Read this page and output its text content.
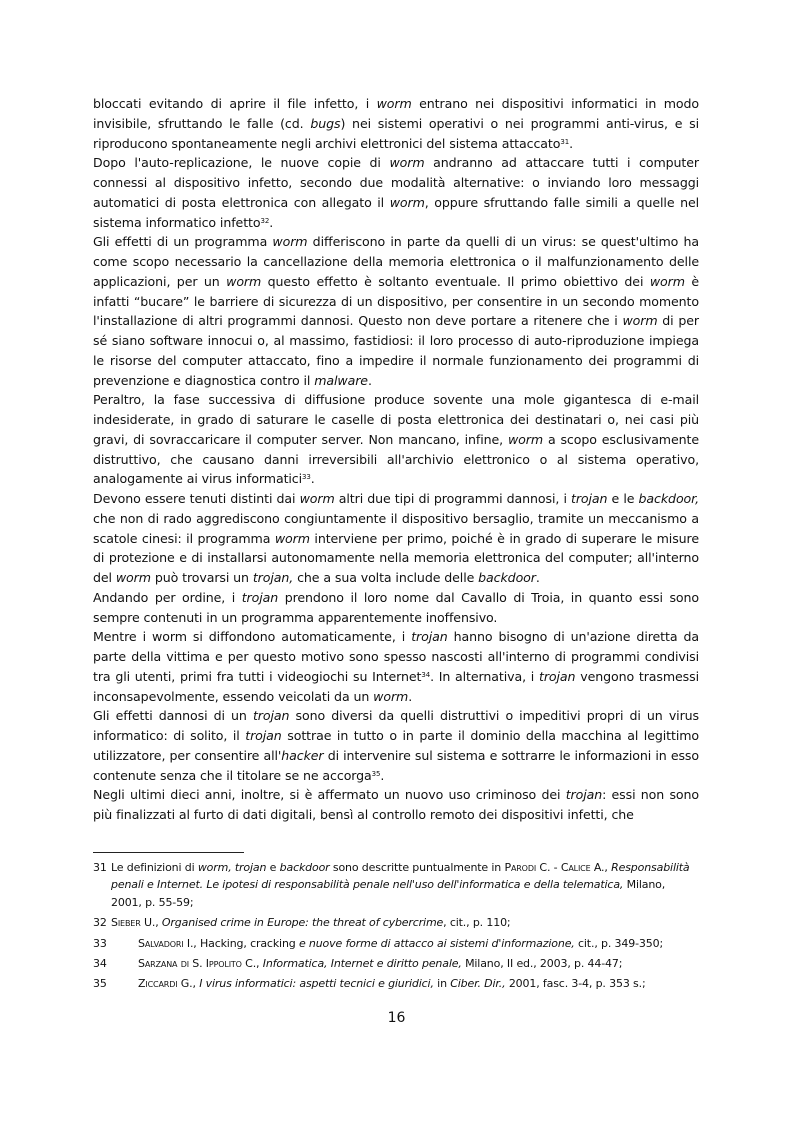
bloccati evitando di aprire il file infetto, i worm entrano nei dispositivi informatici in modo invisibile, sfruttando le falle (cd. bugs) nei sistemi operativi o nei programmi anti-virus, e si riproducono spontaneamente negli archivi elettronici del sistema attaccato$^{31}$.

Dopo l'auto-replicazione, le nuove copie di worm andranno ad attaccare tutti i computer connessi al dispositivo infetto, secondo due modalità alternative: o inviando loro messaggi automatici di posta elettronica con allegato il worm, oppure sfruttando falle simili a quelle nel sistema informatico infetto$^{32}$.

Gli effetti di un programma worm differiscono in parte da quelli di un virus: se quest'ultimo ha come scopo necessario la cancellazione della memoria elettronica o il malfunzionamento delle applicazioni, per un worm questo effetto è soltanto eventuale. Il primo obiettivo dei worm è infatti “bucare” le barriere di sicurezza di un dispositivo, per consentire in un secondo momento l'installazione di altri programmi dannosi. Questo non deve portare a ritenere che i worm di per sé siano software innocui o, al massimo, fastidiosi: il loro processo di auto-riproduzione impiega le risorse del computer attaccato, fino a impedire il normale funzionamento dei programmi di prevenzione e diagnostica contro il malware.

Peraltro, la fase successiva di diffusione produce sovente una mole gigantesca di e-mail indesiderate, in grado di saturare le caselle di posta elettronica dei destinatari o, nei casi più gravi, di sovraccaricare il computer server. Non mancano, infine, worm a scopo esclusivamente distruttivo, che causano danni irreversibili all'archivio elettronico o al sistema operativo, analogamente ai virus informatici$^{33}$.

Devono essere tenuti distinti dai worm altri due tipi di programmi dannosi, i trojan e le backdoor, che non di rado aggrediscono congiuntamente il dispositivo bersaglio, tramite un meccanismo a scatole cinesi: il programma worm interviene per primo, poiché è in grado di superare le misure di protezione e di installarsi autonomamente nella memoria elettronica del computer; all'interno del worm può trovarsi un trojan, che a sua volta include delle backdoor.

Andando per ordine, i trojan prendono il loro nome dal Cavallo di Troia, in quanto essi sono sempre contenuti in un programma apparentemente inoffensivo.

Mentre i worm si diffondono automaticamente, i trojan hanno bisogno di un'azione diretta da parte della vittima e per questo motivo sono spesso nascosti all'interno di programmi condivisi tra gli utenti, primi fra tutti i videogiochi su Internet$^{34}$. In alternativa, i trojan vengono trasmessi inconsapevolmente, essendo veicolati da un worm.

Gli effetti dannosi di un trojan sono diversi da quelli distruttivi o impeditivi propri di un virus informatico: di solito, il trojan sottrae in tutto o in parte il dominio della macchina al legittimo utilizzatore, per consentire all'hacker di intervenire sul sistema e sottrarre le informazioni in esso contenute senza che il titolare se ne accorga$^{35}$.

Negli ultimi dieci anni, inoltre, si è affermato un nuovo uso criminoso dei trojan: essi non sono più finalizzati al furto di dati digitali, bensì al controllo remoto dei dispositivi infetti, che

31 Le definizioni di worm, trojan e backdoor sono descritte puntualmente in Parodi C. - Calice A., Responsabilità penali e Internet. Le ipotesi di responsabilità penale nell'uso dell'informatica e della telematica, Milano, 2001, p. 55-59;
32 Sieber U., Organised crime in Europe: the threat of cybercrime, cit., p. 110;
33	Salvadori I., Hacking, cracking e nuove forme di attacco ai sistemi d'informazione, cit., p. 349-350;
34	Sarzana di S. Ippolito C., Informatica, Internet e diritto penale, Milano, II ed., 2003, p. 44-47;
35	Ziccardi G., I virus informatici: aspetti tecnici e giuridici, in Ciber. Dir., 2001, fasc. 3-4, p. 353 s.;
16
